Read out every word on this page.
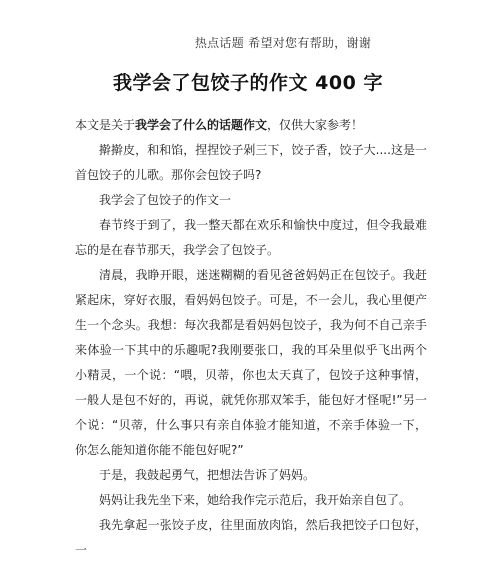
热点话题 希望对您有帮助，谢谢
我学会了包饺子的作文 400 字

本文是关于我学会了什么的话题作文，仅供大家参考！

擀擀皮，和和馅，捏捏饺子剁三下，饺子香，饺子大....这是一首包饺子的儿歌。那你会包饺子吗?

我学会了包饺子的作文一

春节终于到了，我一整天都在欢乐和愉快中度过，但令我最难忘的是在春节那天，我学会了包饺子。

清晨，我睁开眼，迷迷糊糊的看见爸爸妈妈正在包饺子。我赶紧起床，穿好衣服，看妈妈包饺子。可是，不一会儿，我心里便产生一个念头。我想：每次我都是看妈妈包饺子，我为何不自己亲手来体验一下其中的乐趣呢?我刚要张口，我的耳朵里似乎飞出两个小精灵，一个说：“喂，贝蒂，你也太天真了，包饺子这种事情，一般人是包不好的，再说，就凭你那双笨手，能包好才怪呢!”另一个说：“贝蒂，什么事只有亲自体验才能知道，不亲手体验一下，你怎么能知道你能不能包好呢?”

于是，我鼓起勇气，把想法告诉了妈妈。

妈妈让我先坐下来，她给我作完示范后，我开始亲自包了。

我先拿起一张饺子皮，往里面放肉馅，然后我把饺子口包好，一
